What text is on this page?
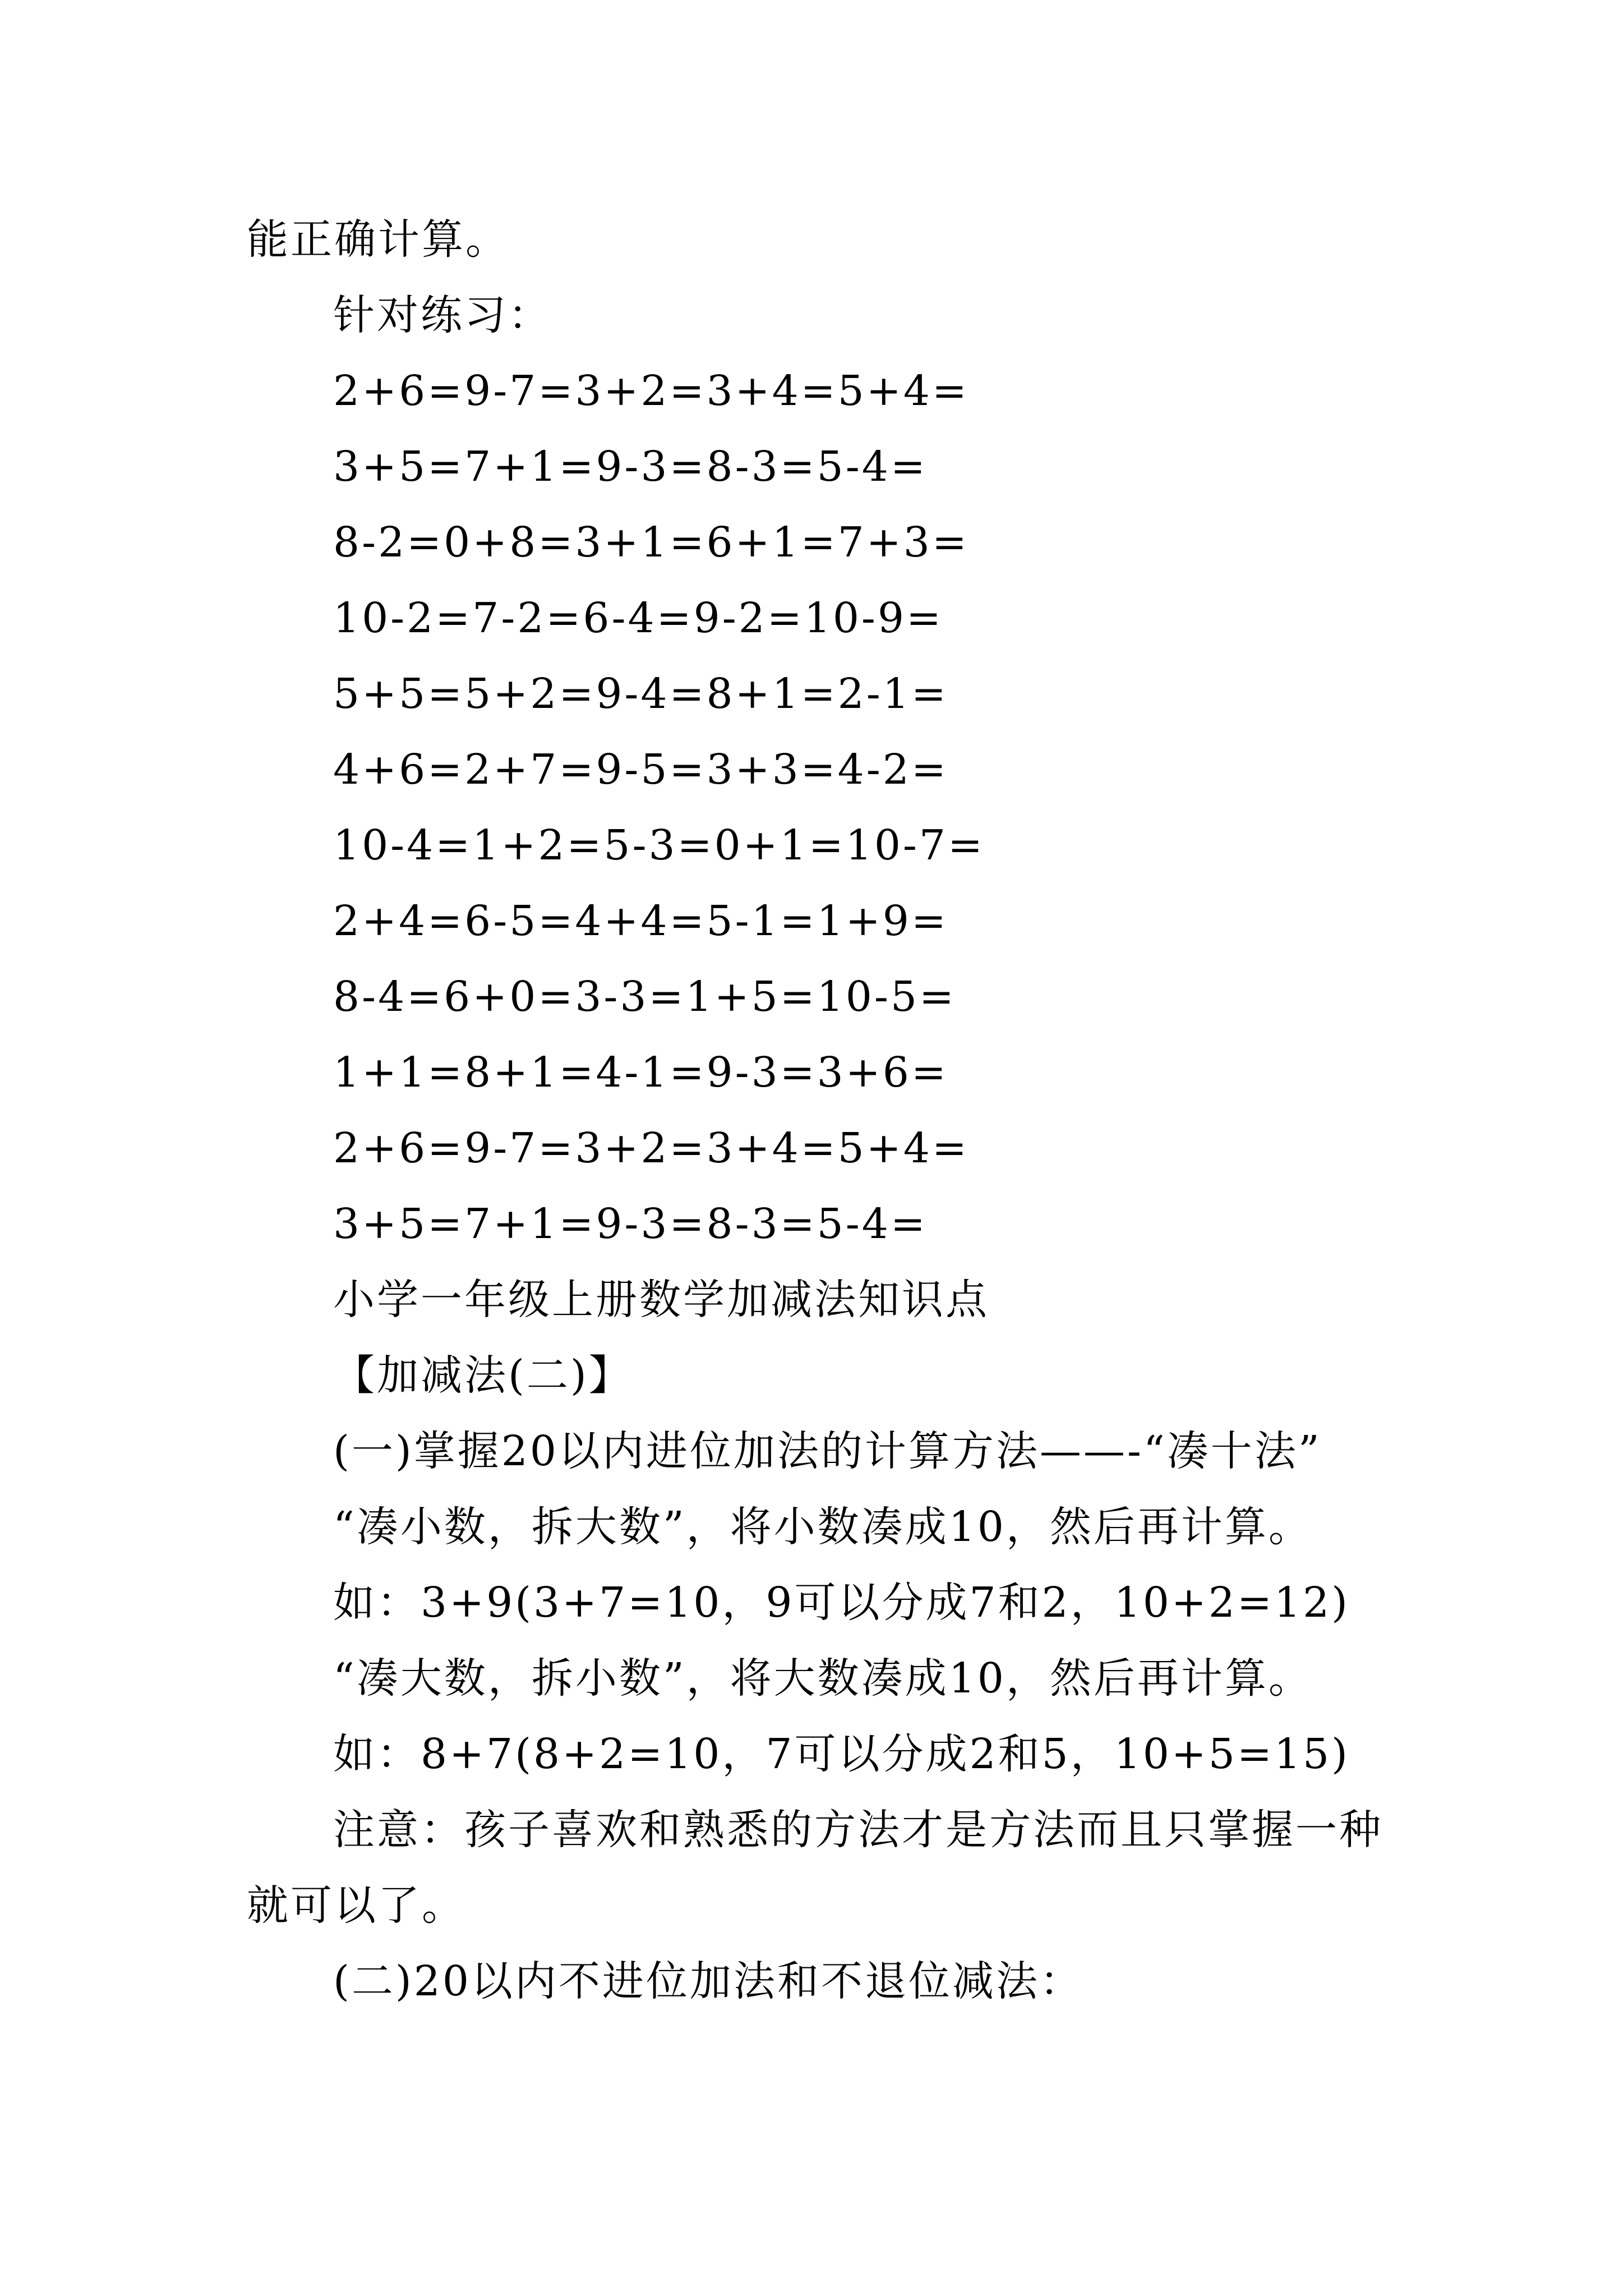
能正确计算。
针对练习：
2+6=9-7=3+2=3+4=5+4=
3+5=7+1=9-3=8-3=5-4=
8-2=0+8=3+1=6+1=7+3=
10-2=7-2=6-4=9-2=10-9=
5+5=5+2=9-4=8+1=2-1=
4+6=2+7=9-5=3+3=4-2=
10-4=1+2=5-3=0+1=10-7=
2+4=6-5=4+4=5-1=1+9=
8-4=6+0=3-3=1+5=10-5=
1+1=8+1=4-1=9-3=3+6=
2+6=9-7=3+2=3+4=5+4=
3+5=7+1=9-3=8-3=5-4=
小学一年级上册数学加减法知识点
【加减法(二)】
(一)掌握20以内进位加法的计算方法——-“凑十法”
“凑小数，拆大数”，将小数凑成10，然后再计算。
如：3+9(3+7=10，9可以分成7和2，10+2=12)
“凑大数，拆小数”，将大数凑成10，然后再计算。
如：8+7(8+2=10，7可以分成2和5，10+5=15)
注意：孩子喜欢和熟悉的方法才是方法而且只掌握一种
就可以了。
(二)20以内不进位加法和不退位减法：
